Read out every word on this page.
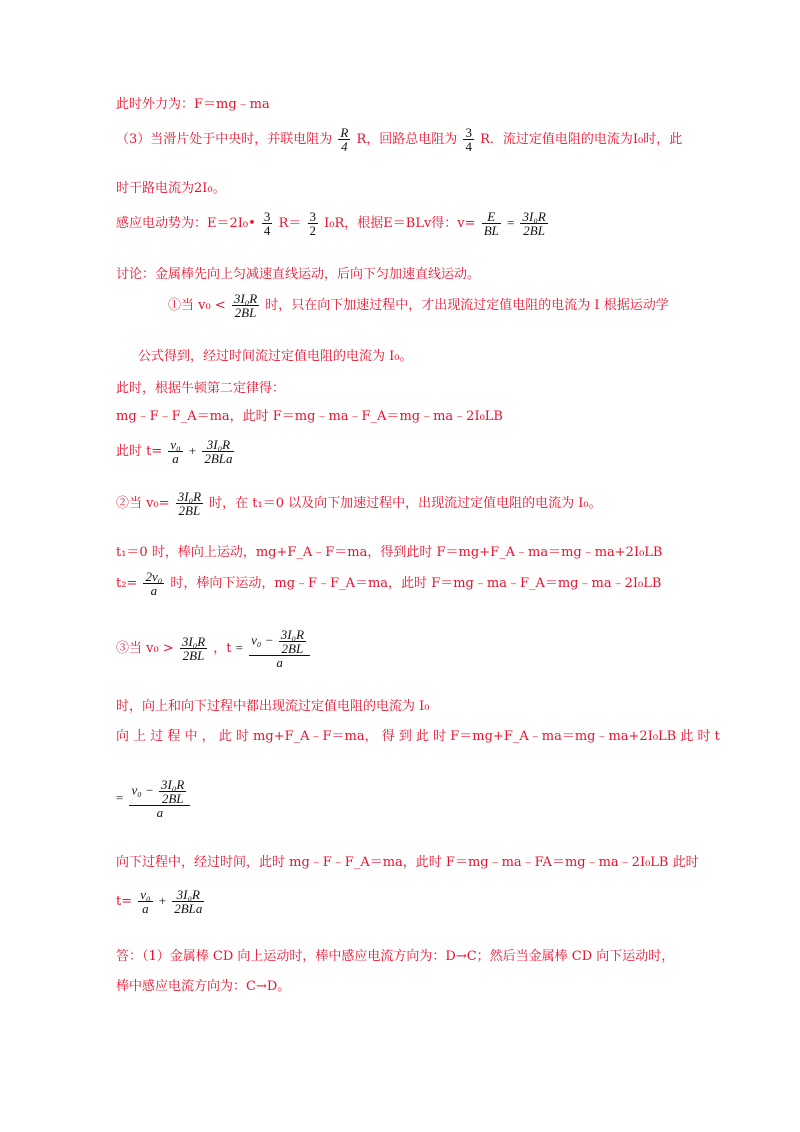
此时外力为：F＝mg﹣ma
（3）当滑片处于中央时，并联电阻为 $\frac{R}{4}$ R，回路总电阻为 $\frac{3}{4}$ R．流过定值电阻的电流为I₀时，此
时干路电流为2I₀。
感应电动势为：E＝2I₀• $\frac{3}{4} R= \frac{3}{2} I_0R$，根据E＝BLv得：$v= \frac{E}{BL} = \frac{\text{3I₀R}}{2BL}$
讨论：金属棒先向上匀减速直线运动，后向下匀加速直线运动。
①当 $v_0 < \frac{\text{3I₀R}}{2BL}$ 时，只在向下加速过程中，才出现流过定值电阻的电流为 I 根据运动学
公式得到，经过时间流过定值电阻的电流为 I₀。
此时，根据牛顿第二定律得：
mg﹣F﹣F_A＝ma，此时 F＝mg﹣ma﹣F_A＝mg﹣ma﹣2I₀LB
此时 $t= \frac{\text{v₀}}{a} + \frac{\text{3I₀R}}{\text{2BLa}}$
②当 $v_0= \frac{\text{3I₀R}}{2BL}$ 时，在 t₁＝0 以及向下加速过程中，出现流过定值电阻的电流为 I₀。
t₁＝0 时，棒向上运动，mg+F_A﹣F＝ma，得到此时 F＝mg+F_A﹣ma＝mg﹣ma+2I₀LB
$t_2= \frac{\text{2v₀}}{a}$ 时，棒向下运动，mg﹣F﹣F_A＝ma，此时 F＝mg﹣ma﹣F_A＝mg﹣ma﹣2I₀LB
③当 $v_0 > \frac{\text{3I₀R}}{2BL}$ ，$t = \frac{v_0 - \frac{\text{3I₀R}}{2BL}}{a}$
时，向上和向下过程中都出现流过定值电阻的电流为 I₀
向 上 过 程 中 ， 此 时 mg+F_A﹣F＝ma， 得 到 此 时 F＝mg+F_A﹣ma＝mg﹣ma+2I₀LB 此 时 t
= $\frac{v_0 - \frac{\text{3I₀R}}{2BL}}{a}$
向下过程中，经过时间，此时 mg﹣F﹣F_A＝ma，此时 F＝mg﹣ma﹣FA＝mg﹣ma﹣2I₀LB 此时
$t= \frac{\text{v₀}}{a} + \frac{\text{3I₀R}}{\text{2BLa}}$
答：（1）金属棒 CD 向上运动时，棒中感应电流方向为：D→C；然后当金属棒 CD 向下运动时，
棒中感应电流方向为：C→D。
